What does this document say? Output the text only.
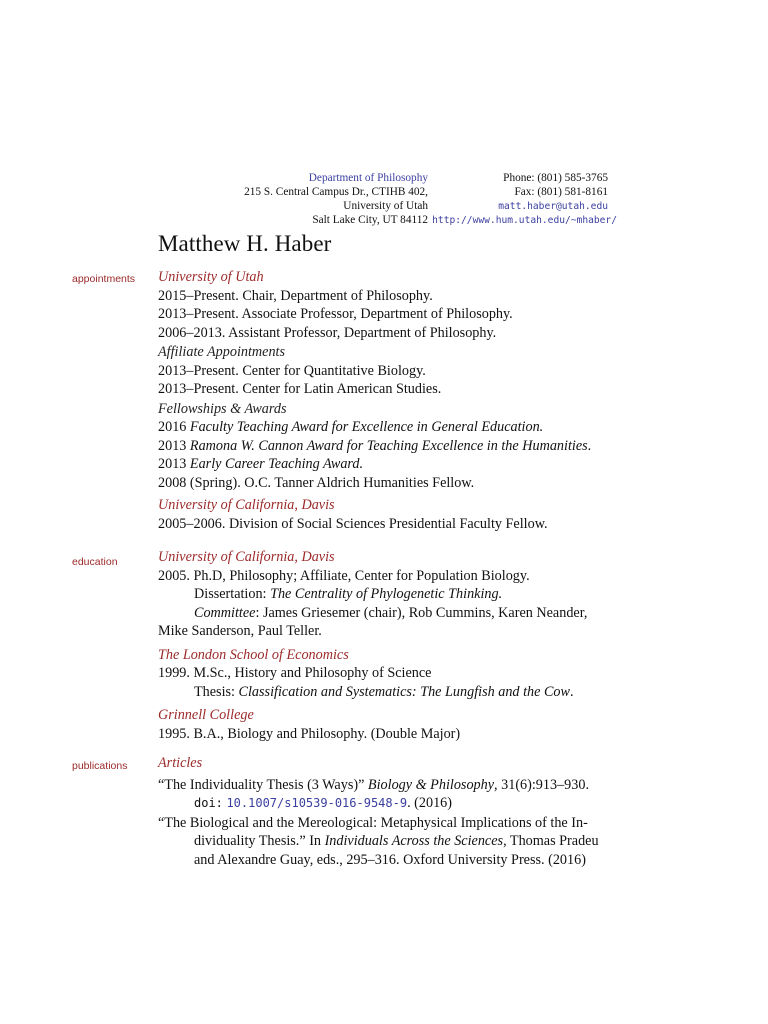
Department of Philosophy
215 S. Central Campus Dr., CTIHB 402,
University of Utah
Salt Lake City, UT 84112
Phone: (801) 585-3765
Fax: (801) 581-8161
matt.haber@utah.edu
http://www.hum.utah.edu/~mhaber/
Matthew H. Haber
appointments University of Utah
2015–Present. Chair, Department of Philosophy.
2013–Present. Associate Professor, Department of Philosophy.
2006–2013. Assistant Professor, Department of Philosophy.
Affiliate Appointments
2013–Present. Center for Quantitative Biology.
2013–Present. Center for Latin American Studies.
Fellowships & Awards
2016 Faculty Teaching Award for Excellence in General Education.
2013 Ramona W. Cannon Award for Teaching Excellence in the Humanities.
2013 Early Career Teaching Award.
2008 (Spring). O.C. Tanner Aldrich Humanities Fellow.
University of California, Davis
2005–2006. Division of Social Sciences Presidential Faculty Fellow.
education	University of California, Davis
2005. Ph.D, Philosophy; Affiliate, Center for Population Biology.
Dissertation: The Centrality of Phylogenetic Thinking.
Committee: James Griesemer (chair), Rob Cummins, Karen Neander,
Mike Sanderson, Paul Teller.
The London School of Economics
1999. M.Sc., History and Philosophy of Science
Thesis: Classification and Systematics: The Lungfish and the Cow.
Grinnell College
1995. B.A., Biology and Philosophy. (Double Major)
publications Articles
“The Individuality Thesis (3 Ways)” Biology & Philosophy, 31(6):913–930.
doi: 10.1007/s10539-016-9548-9. (2016)
“The Biological and the Mereological: Metaphysical Implications of the In-
dividuality Thesis.” In Individuals Across the Sciences, Thomas Pradeu
and Alexandre Guay, eds., 295–316. Oxford University Press. (2016)
